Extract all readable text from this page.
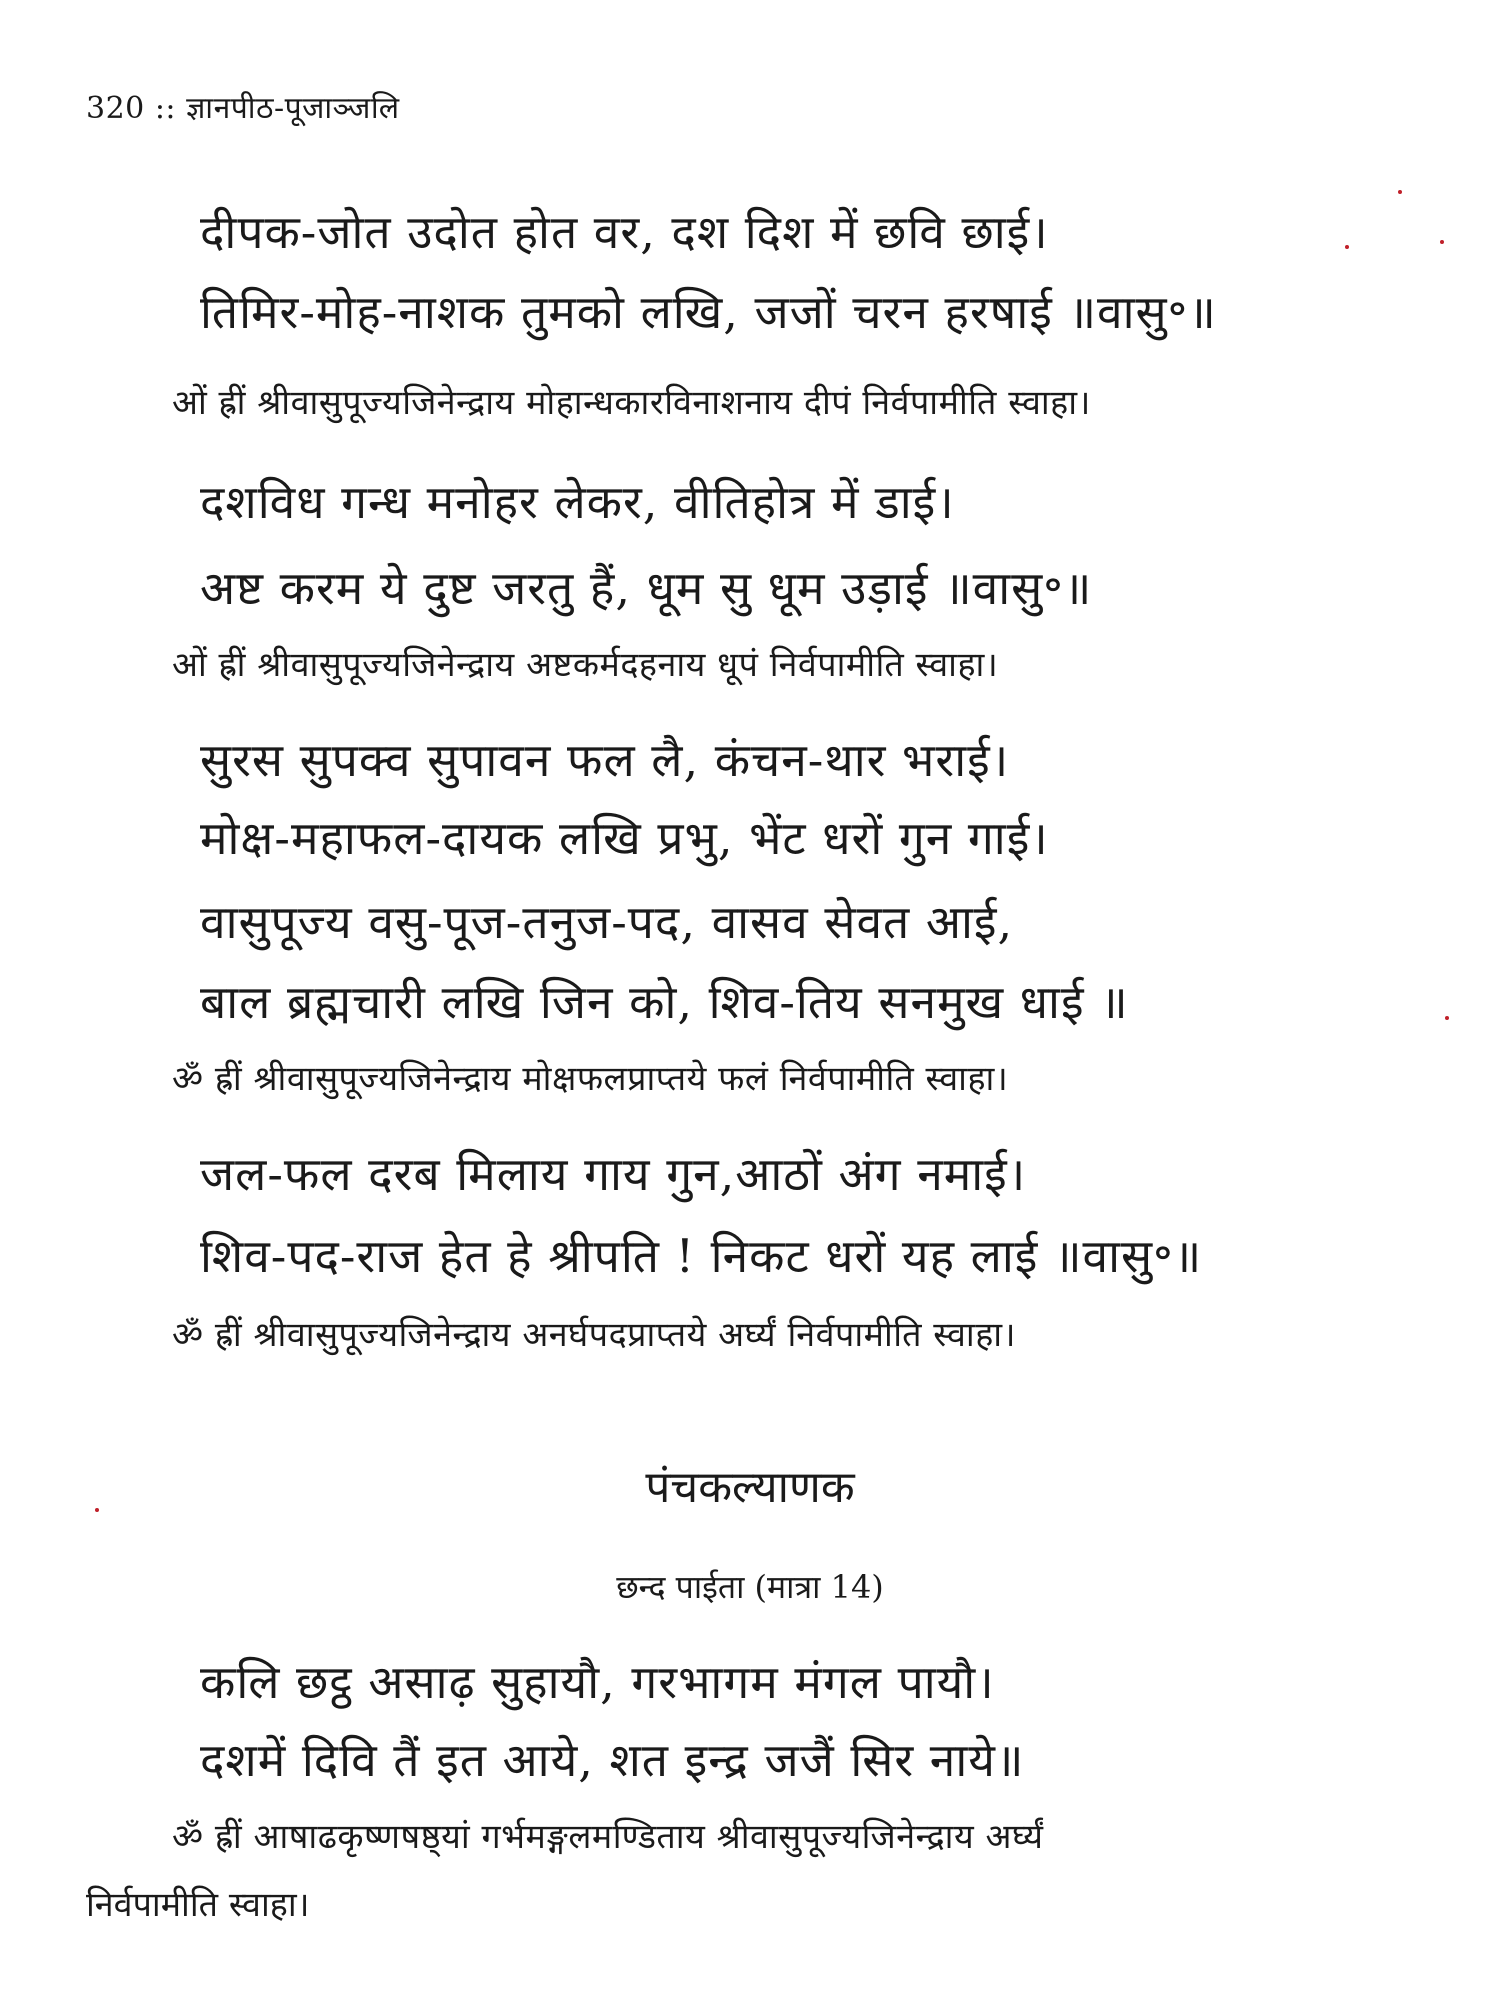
320 :: ज्ञानपीठ-पूजाञ्जलि
दीपक-जोत उदोत होत वर, दश दिश में छवि छाई।
तिमिर-मोह-नाशक तुमको लखि, जजों चरन हरषाई ॥वासु॰॥
ओं ह्रीं श्रीवासुपूज्यजिनेन्द्राय मोहान्धकारविनाशनाय दीपं निर्वपामीति स्वाहा।
दशविध गन्ध मनोहर लेकर, वीतिहोत्र में डाई।
अष्ट करम ये दुष्ट जरतु हैं, धूम सु धूम उड़ाई ॥वासु॰॥
ओं ह्रीं श्रीवासुपूज्यजिनेन्द्राय अष्टकर्मदहनाय धूपं निर्वपामीति स्वाहा।
सुरस सुपक्व सुपावन फल लै, कंचन-थार भराई।
मोक्ष-महाफल-दायक लखि प्रभु, भेंट धरों गुन गाई।
वासुपूज्य वसु-पूज-तनुज-पद, वासव सेवत आई,
बाल ब्रह्मचारी लखि जिन को, शिव-तिय सनमुख धाई ॥
ॐ ह्रीं श्रीवासुपूज्यजिनेन्द्राय मोक्षफलप्राप्तये फलं निर्वपामीति स्वाहा।
जल-फल दरब मिलाय गाय गुन,आठों अंग नमाई।
शिव-पद-राज हेत हे श्रीपति ! निकट धरों यह लाई ॥वासु॰॥
ॐ ह्रीं श्रीवासुपूज्यजिनेन्द्राय अनर्घपदप्राप्तये अर्घ्यं निर्वपामीति स्वाहा।
पंचकल्याणक
छन्द पाईता (मात्रा 14)
कलि छट्ठ असाढ़ सुहायौ, गरभागम मंगल पायौ।
दशमें दिवि तैं इत आये, शत इन्द्र जजैं सिर नाये॥
ॐ ह्रीं आषाढकृष्णषष्ठ्यां गर्भमङ्गलमण्डिताय श्रीवासुपूज्यजिनेन्द्राय अर्घ्यं
निर्वपामीति स्वाहा।
